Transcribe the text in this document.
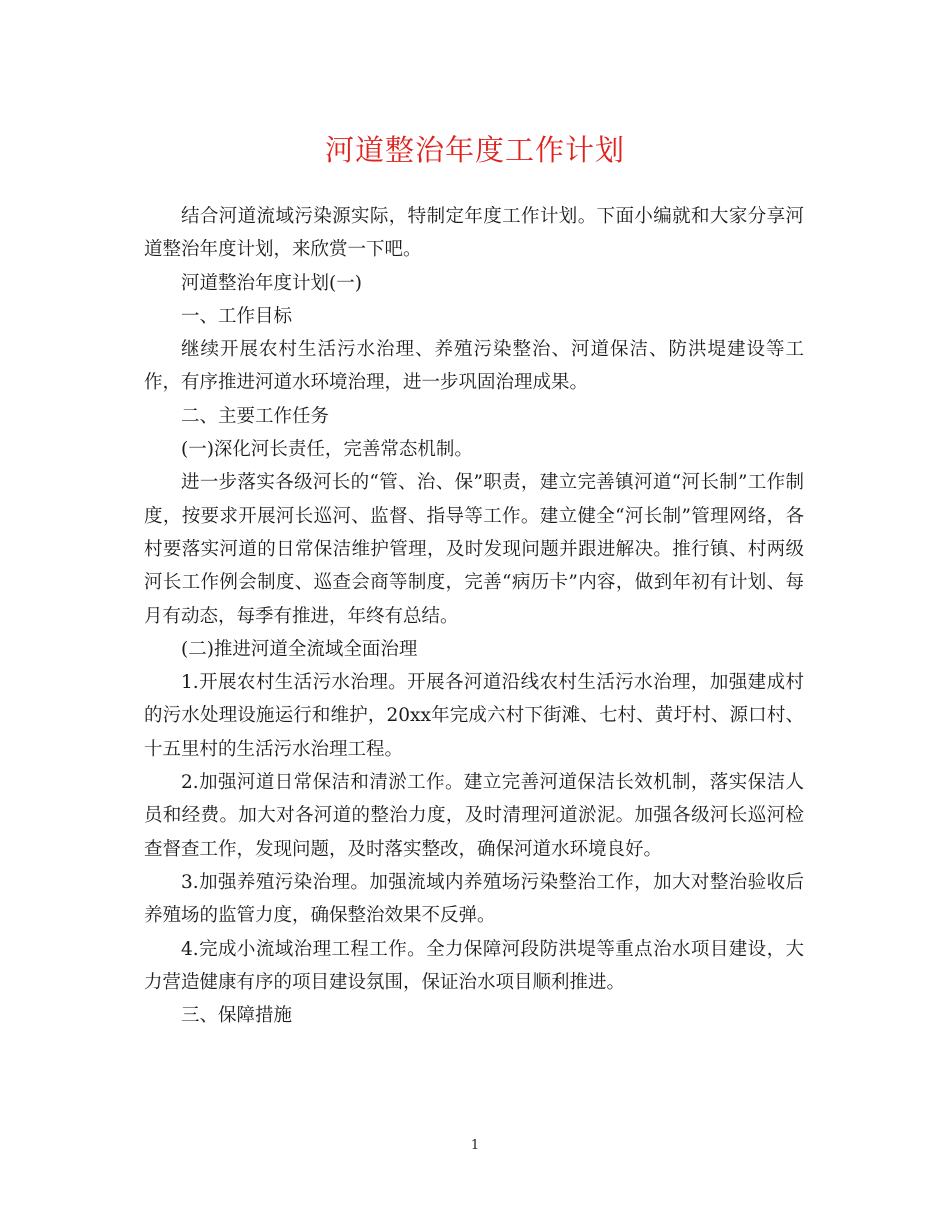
河道整治年度工作计划

结合河道流域污染源实际，特制定年度工作计划。下面小编就和大家分享河道整治年度计划，来欣赏一下吧。

河道整治年度计划(一)

一、工作目标

继续开展农村生活污水治理、养殖污染整治、河道保洁、防洪堤建设等工作，有序推进河道水环境治理，进一步巩固治理成果。

二、主要工作任务

(一)深化河长责任，完善常态机制。

进一步落实各级河长的“管、治、保”职责，建立完善镇河道“河长制”工作制度，按要求开展河长巡河、监督、指导等工作。建立健全“河长制”管理网络，各村要落实河道的日常保洁维护管理，及时发现问题并跟进解决。推行镇、村两级河长工作例会制度、巡查会商等制度，完善“病历卡”内容，做到年初有计划、每月有动态，每季有推进，年终有总结。

(二)推进河道全流域全面治理

1.开展农村生活污水治理。开展各河道沿线农村生活污水治理，加强建成村的污水处理设施运行和维护，20xx年完成六村下街滩、七村、黄圩村、源口村、十五里村的生活污水治理工程。

2.加强河道日常保洁和清淤工作。建立完善河道保洁长效机制，落实保洁人员和经费。加大对各河道的整治力度，及时清理河道淤泥。加强各级河长巡河检查督查工作，发现问题，及时落实整改，确保河道水环境良好。

3.加强养殖污染治理。加强流域内养殖场污染整治工作，加大对整治验收后养殖场的监管力度，确保整治效果不反弹。

4.完成小流域治理工程工作。全力保障河段防洪堤等重点治水项目建设，大力营造健康有序的项目建设氛围，保证治水项目顺利推进。

三、保障措施

1
